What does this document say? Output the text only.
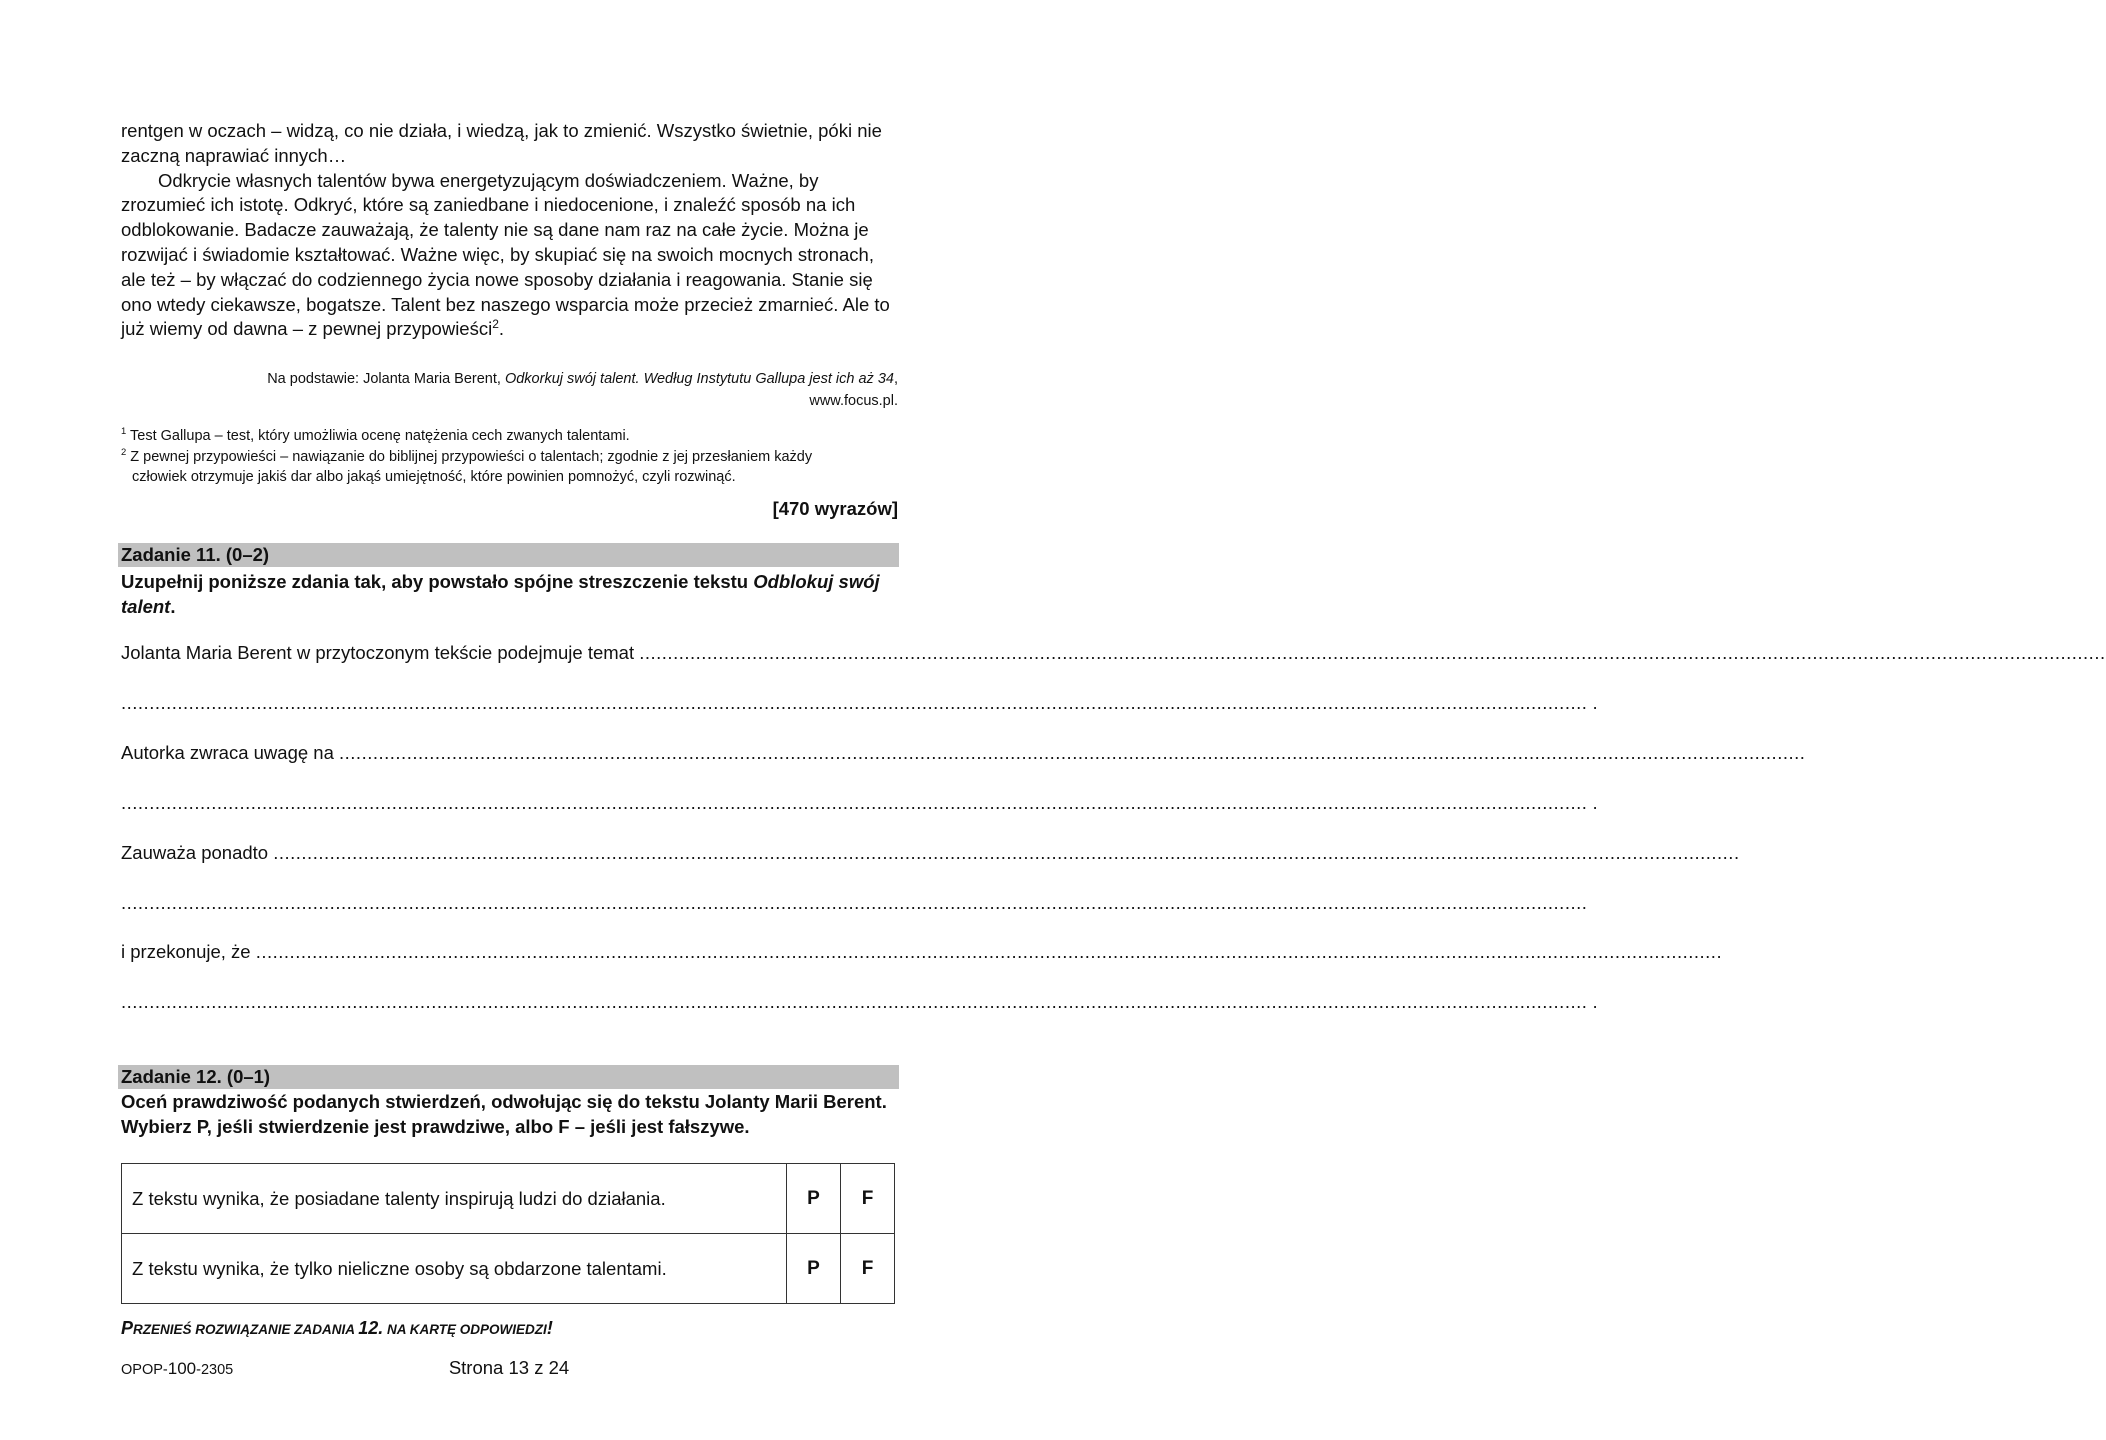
rentgen w oczach – widzą, co nie działa, i wiedzą, jak to zmienić. Wszystko świetnie, póki nie zaczną naprawiać innych…

Odkrycie własnych talentów bywa energetyzującym doświadczeniem. Ważne, by zrozumieć ich istotę. Odkryć, które są zaniedbane i niedocenione, i znaleźć sposób na ich odblokowanie. Badacze zauważają, że talenty nie są dane nam raz na całe życie. Można je rozwijać i świadomie kształtować. Ważne więc, by skupiać się na swoich mocnych stronach, ale też – by włączać do codziennego życia nowe sposoby działania i reagowania. Stanie się ono wtedy ciekawsze, bogatsze. Talent bez naszego wsparcia może przecież zmarnieć. Ale to już wiemy od dawna – z pewnej przypowieści$^2$.

Na podstawie: Jolanta Maria Berent, Odkorkuj swój talent. Według Instytutu Gallupa jest ich aż 34,
www.focus.pl.

$^1$ Test Gallupa – test, który umożliwia ocenę natężenia cech zwanych talentami.

$^2$ Z pewnej przypowieści – nawiązanie do biblijnej przypowieści o talentach; zgodnie z jej przesłaniem każdy

człowiek otrzymuje jakiś dar albo jakąś umiejętność, które powinien pomnożyć, czyli rozwinąć.

[470 wyrazów]
Zadanie 11. (0–2)
Uzupełnij poniższe zdania tak, aby powstało spójne streszczenie tekstu Odblokuj swój talent.
Jolanta Maria Berent w przytoczonym tekście podejmuje temat ....................................................................................................................................................................................................................................................................
.................................................................................................................................................................................................................................................................... .
Autorka zwraca uwagę na ....................................................................................................................................................................................................................................................................
.................................................................................................................................................................................................................................................................... .
Zauważa ponadto ....................................................................................................................................................................................................................................................................
....................................................................................................................................................................................................................................................................
i przekonuje, że ....................................................................................................................................................................................................................................................................
.................................................................................................................................................................................................................................................................... .
Zadanie 12. (0–1)
Oceń prawdziwość podanych stwierdzeń, odwołując się do tekstu Jolanty Marii Berent. Wybierz P, jeśli stwierdzenie jest prawdziwe, albo F – jeśli jest fałszywe.
Z tekstu wynika, że posiadane talenty inspirują ludzi do działania.	P	F
Z tekstu wynika, że tylko nieliczne osoby są obdarzone talentami.	P	F
PRZENIEŚ ROZWIĄZANIE ZADANIA 12. NA KARTĘ ODPOWIEDZI!
OPOP-100-2305	Strona 13 z 24
